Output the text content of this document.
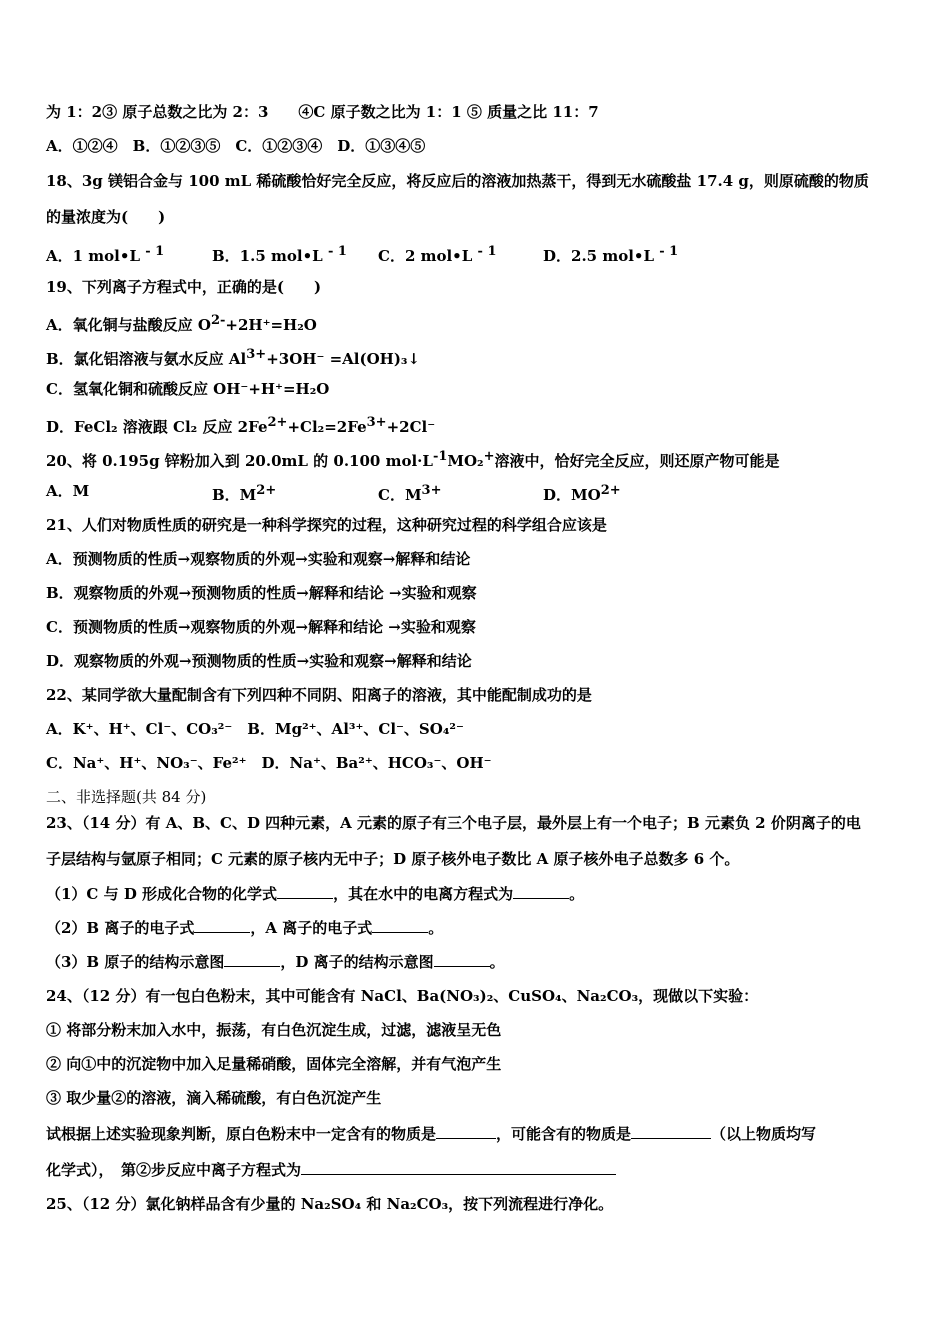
为 1：2③ 原子总数之比为 2：3　　④C 原子数之比为 1：1 ⑤ 质量之比 11：7
A．①②④　B．①②③⑤　C．①②③④　D．①③④⑤
18、3g 镁铝合金与 100 mL 稀硫酸恰好完全反应，将反应后的溶液加热蒸干，得到无水硫酸盐 17.4 g，则原硫酸的物质
的量浓度为(　　)
A．1 mol•L $^{- 1}$	B．1.5 mol•L $^{- 1}$ C．2 mol•L $^{- 1}$	D．2.5 mol•L $^{- 1}$
19、下列离子方程式中，正确的是(　　)
A．氧化铜与盐酸反应 $O^{2-}+2H^+=H_2O$
B．氯化铝溶液与氨水反应 $Al^{3+}+3OH^-$ =Al(OH)₃↓
C．氢氧化铜和硫酸反应 OH⁻+H⁺=H₂O
D．FeCl₂ 溶液跟 Cl₂ 反应 $2Fe^{2+}+Cl_2=2Fe^{3+}+2Cl^-$
20、将 0.195g 锌粉加入到 20.0mL 的 0.100 $mol\cdot L^{-1}MO_2^+$溶液中，恰好完全反应，则还原产物可能是
A．M	B．$M^{2+}$	C．$M^{3+}$	D．$MO^{2+}$
21、人们对物质性质的研究是一种科学探究的过程，这种研究过程的科学组合应该是
A．预测物质的性质→观察物质的外观→实验和观察→解释和结论
B．观察物质的外观→预测物质的性质→解释和结论 →实验和观察
C．预测物质的性质→观察物质的外观→解释和结论 →实验和观察
D．观察物质的外观→预测物质的性质→实验和观察→解释和结论
22、某同学欲大量配制含有下列四种不同阴、阳离子的溶液，其中能配制成功的是
A．K⁺、H⁺、Cl⁻、CO₃²⁻　B．Mg²⁺、Al³⁺、Cl⁻、SO₄²⁻
C．Na⁺、H⁺、NO₃⁻、Fe²⁺　D．Na⁺、Ba²⁺、HCO₃⁻、OH⁻
二、非选择题(共 84 分)
23、（14 分）有 A、B、C、D 四种元素，A 元素的原子有三个电子层，最外层上有一个电子；B 元素负 2 价阴离子的电
子层结构与氩原子相同；C 元素的原子核内无中子；D 原子核外电子数比 A 原子核外电子总数多 6 个。
（1）C 与 D 形成化合物的化学式	，其在水中的电离方程式为	。
（2）B 离子的电子式	，A 离子的电子式	。
（3）B 原子的结构示意图	，D 离子的结构示意图	。
24、（12 分）有一包白色粉末，其中可能含有 NaCl、Ba(NO₃)₂、CuSO₄、Na₂CO₃，现做以下实验：
① 将部分粉末加入水中，振荡，有白色沉淀生成，过滤，滤液呈无色
② 向①中的沉淀物中加入足量稀硝酸，固体完全溶解，并有气泡产生
③ 取少量②的溶液，滴入稀硫酸，有白色沉淀产生
试根据上述实验现象判断，原白色粉末中一定含有的物质是	，可能含有的物质是	（以上物质均写
化学式），　第②步反应中离子方程式为
25、（12 分）氯化钠样品含有少量的 Na₂SO₄ 和 Na₂CO₃，按下列流程进行净化。
